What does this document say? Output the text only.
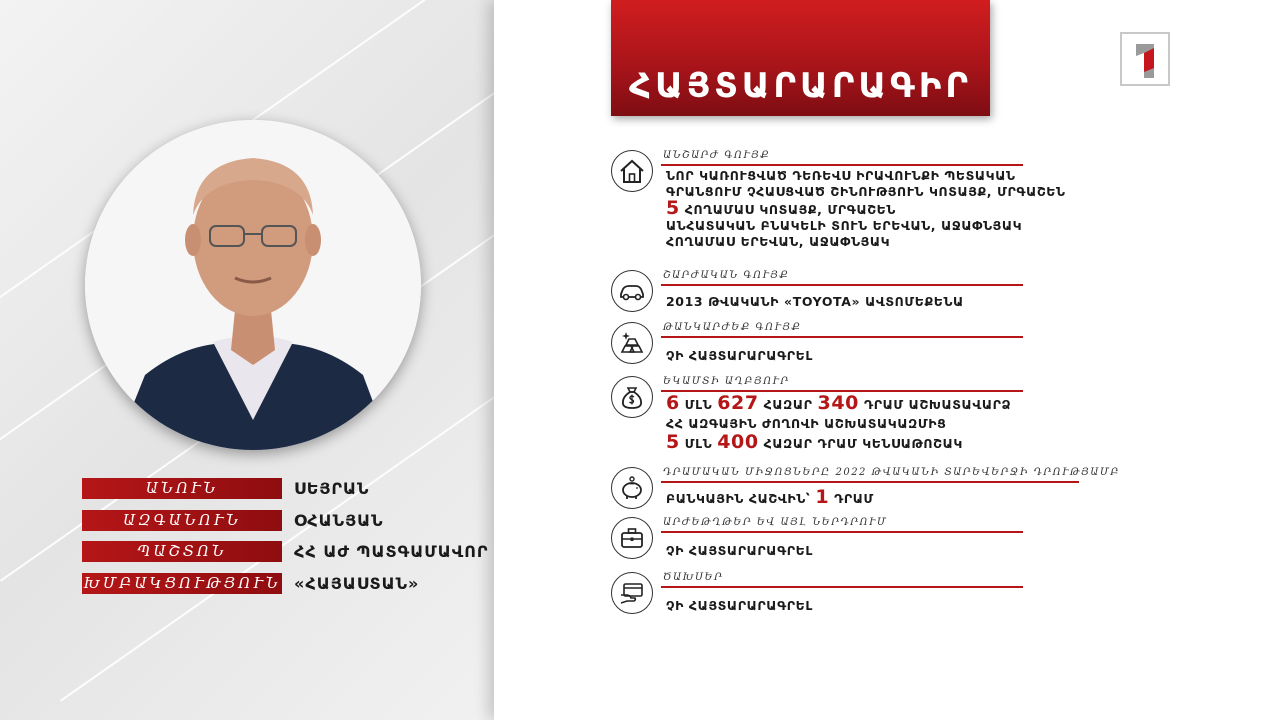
ԱՆՈՒՆ	ՍԵՅՐԱՆ
ԱԶԳԱՆՈՒՆ	ՕՀԱՆՅԱՆ
ՊԱՇՏՈՆ	ՀՀ ԱԺ ՊԱՏԳԱՄԱՎՈՐ
ԽՄԲԱԿՑՈՒԹՅՈՒՆ «ՀԱՅԱՍՏԱՆ»
ՀԱՅՏԱՐԱՐԱԳԻՐ
ԱՆՇԱՐԺ ԳՈՒՅՔ
ՆՈՐ ԿԱՌՈՒՑՎԱԾ ԴԵՌԵՎՍ ԻՐԱՎՈՒՆՔԻ ՊԵՏԱԿԱՆ
ԳՐԱՆՑՈՒՄ ՉՀԱՍՑՎԱԾ ՇԻՆՈՒԹՅՈՒՆ ԿՈՏԱՅՔ, ՄՐԳԱՇԵՆ
5 ՀՈՂԱՄԱՍ ԿՈՏԱՅՔ, ՄՐԳԱՇԵՆ
ԱՆՀԱՏԱԿԱՆ ԲՆԱԿԵԼԻ ՏՈՒՆ ԵՐԵՎԱՆ, ԱՋԱՓՆՅԱԿ
ՀՈՂԱՄԱՍ ԵՐԵՎԱՆ, ԱՋԱՓՆՅԱԿ
ՇԱՐԺԱԿԱՆ ԳՈՒՅՔ
2013 ԹՎԱԿԱՆԻ «TOYOTA» ԱՎՏՈՄԵՔԵՆԱ
ԹԱՆԿԱՐԺԵՔ ԳՈՒՅՔ
ՉԻ ՀԱՅՏԱՐԱՐԱԳՐԵԼ
ԵԿԱՄՏԻ ԱՂԲՅՈՒՐ
6 ՄԼՆ 627 ՀԱԶԱՐ 340 ԴՐԱՄ ԱՇԽԱՏԱՎԱՐՁ
ՀՀ ԱԶԳԱՅԻՆ ԺՈՂՈՎԻ ԱՇԽԱՏԱԿԱԶՄԻՑ
5 ՄԼՆ 400 ՀԱԶԱՐ ԴՐԱՄ ԿԵՆՍԱԹՈՇԱԿ
ԴՐԱՄԱԿԱՆ ՄԻՋՈՑՆԵՐԸ 2022 ԹՎԱԿԱՆԻ ՏԱՐԵՎԵՐՋԻ ԴՐՈՒԹՅԱՄԲ
ԲԱՆԿԱՅԻՆ ՀԱՇՎԻՆ՝ 1 ԴՐԱՄ
ԱՐԺԵԹՂԹԵՐ ԵՎ ԱՅԼ ՆԵՐԴՐՈՒՄ
ՉԻ ՀԱՅՏԱՐԱՐԱԳՐԵԼ
ԾԱԽՍԵՐ
ՉԻ ՀԱՅՏԱՐԱՐԱԳՐԵԼ
